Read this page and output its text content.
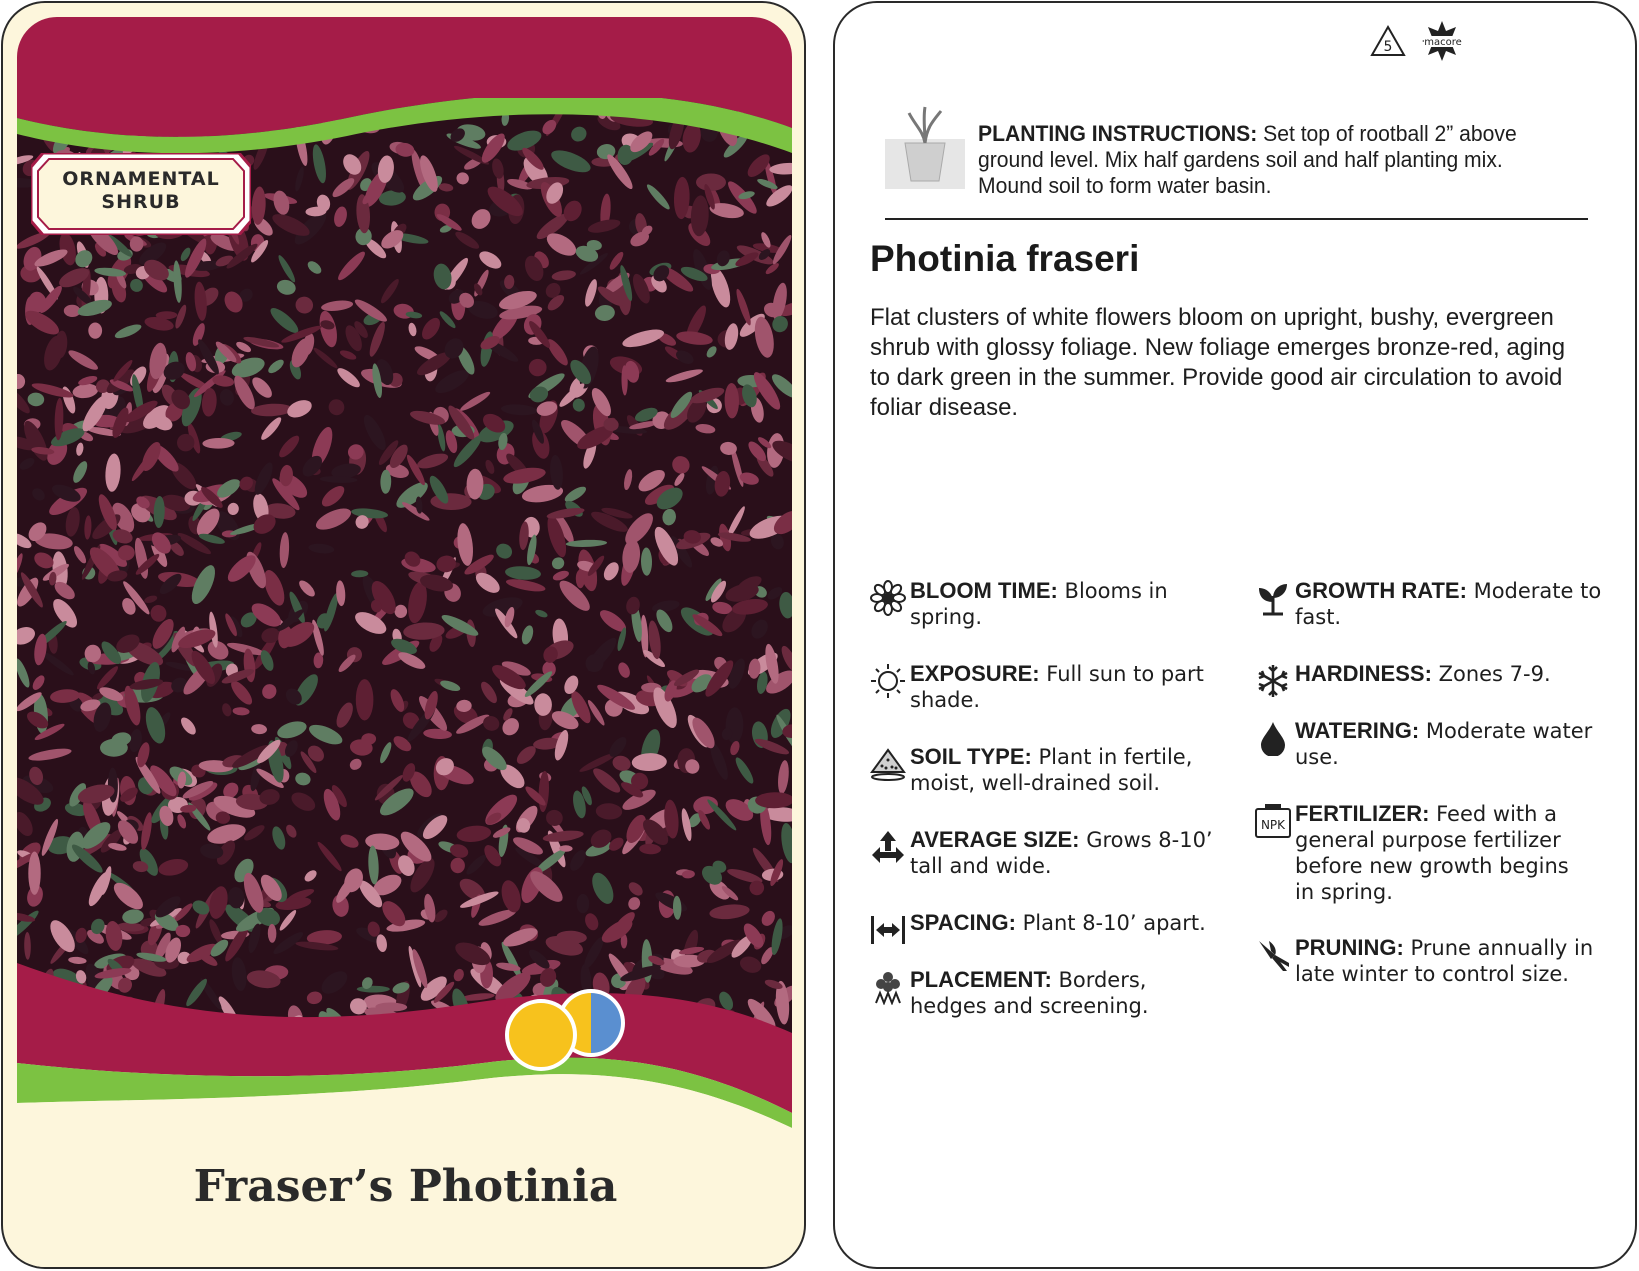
ORNAMENTAL
SHRUB
Fraser’s Photinia
5	macore
PLANTING INSTRUCTIONS: Set top of rootball 2” above ground level. Mix half gardens soil and half planting mix. Mound soil to form water basin.
Photinia fraseri
Flat clusters of white flowers bloom on upright, bushy, evergreen shrub with glossy foliage. New foliage emerges bronze-red, aging to dark green in the summer. Provide good air circulation to avoid foliar disease.
BLOOM TIME: Blooms in
spring.
EXPOSURE: Full sun to part
shade.
SOIL TYPE: Plant in fertile,
moist, well-drained soil.
AVERAGE SIZE: Grows 8-10’
tall and wide.
SPACING: Plant 8-10’ apart.
PLACEMENT: Borders,
hedges and screening.
GROWTH RATE: Moderate to
fast.
HARDINESS: Zones 7-9.
WATERING: Moderate water
use.
NPK FERTILIZER: Feed with a
general purpose fertilizer
before new growth begins
in spring.
PRUNING: Prune annually in
late winter to control size.
